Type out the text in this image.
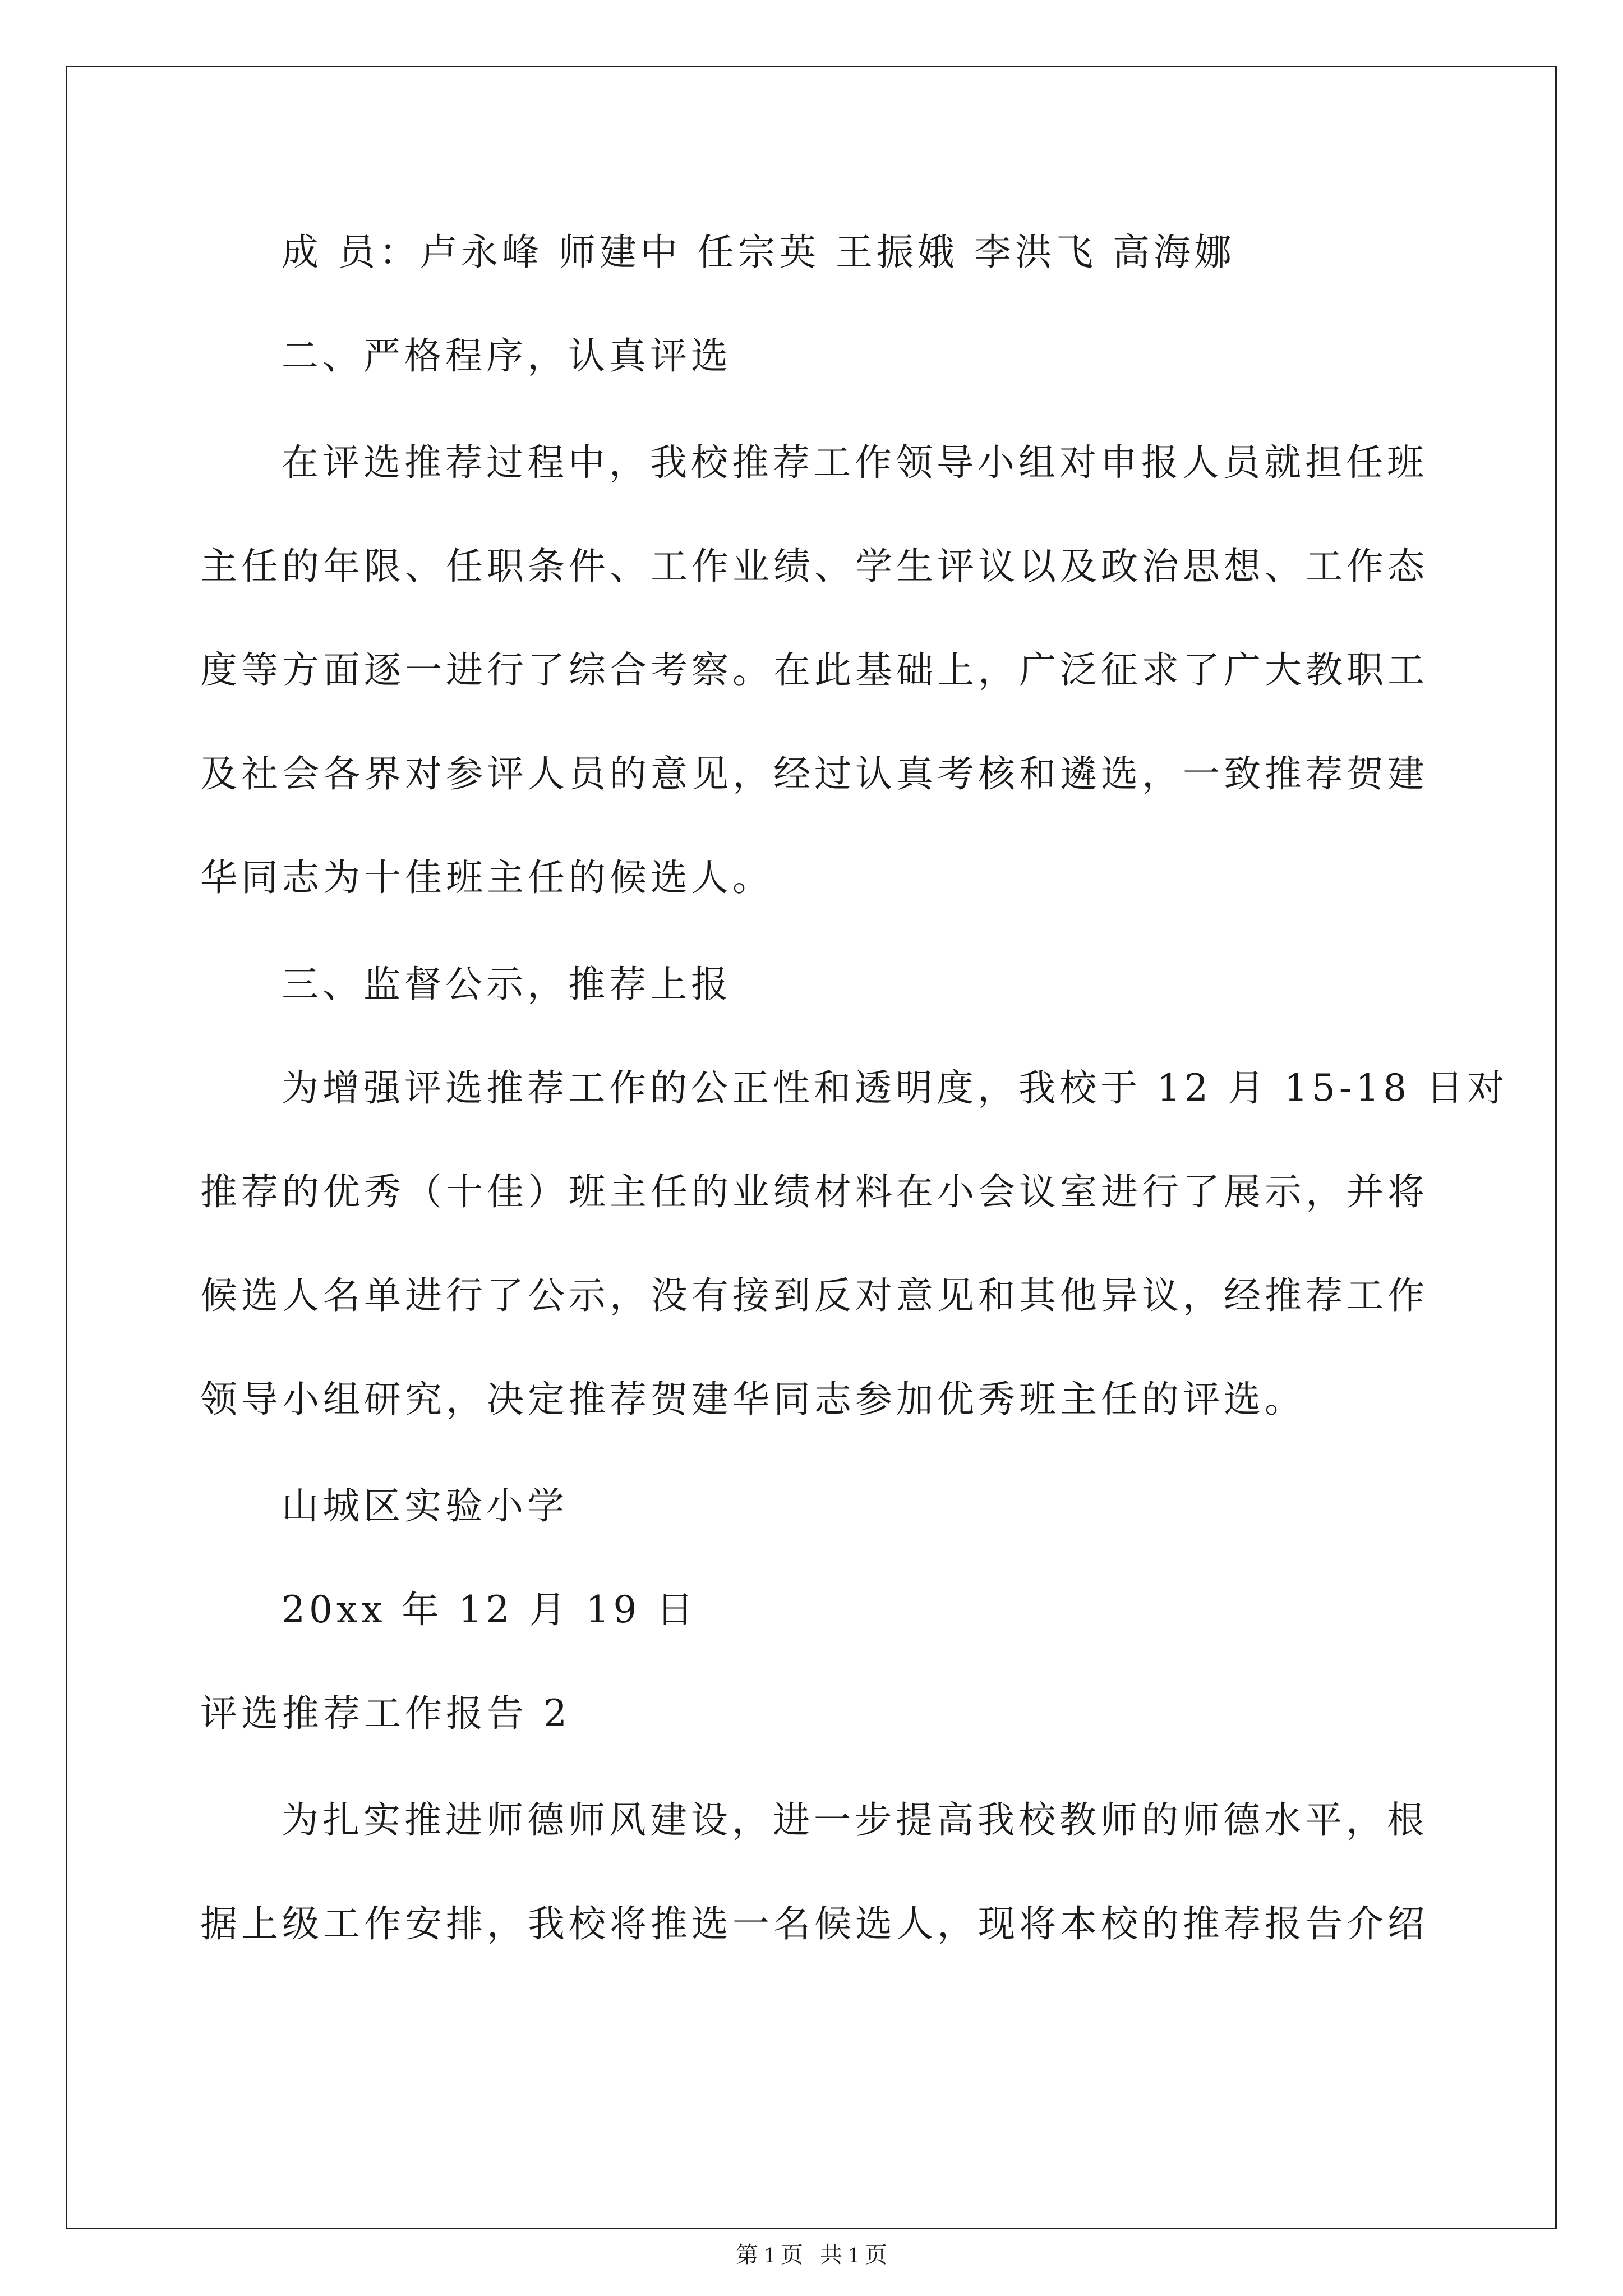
成 员：卢永峰 师建中 任宗英 王振娥 李洪飞 高海娜
二、严格程序，认真评选
在评选推荐过程中，我校推荐工作领导小组对申报人员就担任班
主任的年限、任职条件、工作业绩、学生评议以及政治思想、工作态
度等方面逐一进行了综合考察。在此基础上，广泛征求了广大教职工
及社会各界对参评人员的意见，经过认真考核和遴选，一致推荐贺建
华同志为十佳班主任的候选人。
三、监督公示，推荐上报
为增强评选推荐工作的公正性和透明度，我校于 12 月 15-18 日对
推荐的优秀（十佳）班主任的业绩材料在小会议室进行了展示，并将
候选人名单进行了公示，没有接到反对意见和其他异议，经推荐工作
领导小组研究，决定推荐贺建华同志参加优秀班主任的评选。
山城区实验小学
20xx 年 12 月 19 日
评选推荐工作报告 2
为扎实推进师德师风建设，进一步提高我校教师的师德水平，根
据上级工作安排，我校将推选一名候选人，现将本校的推荐报告介绍
第 1 页 共 1 页
